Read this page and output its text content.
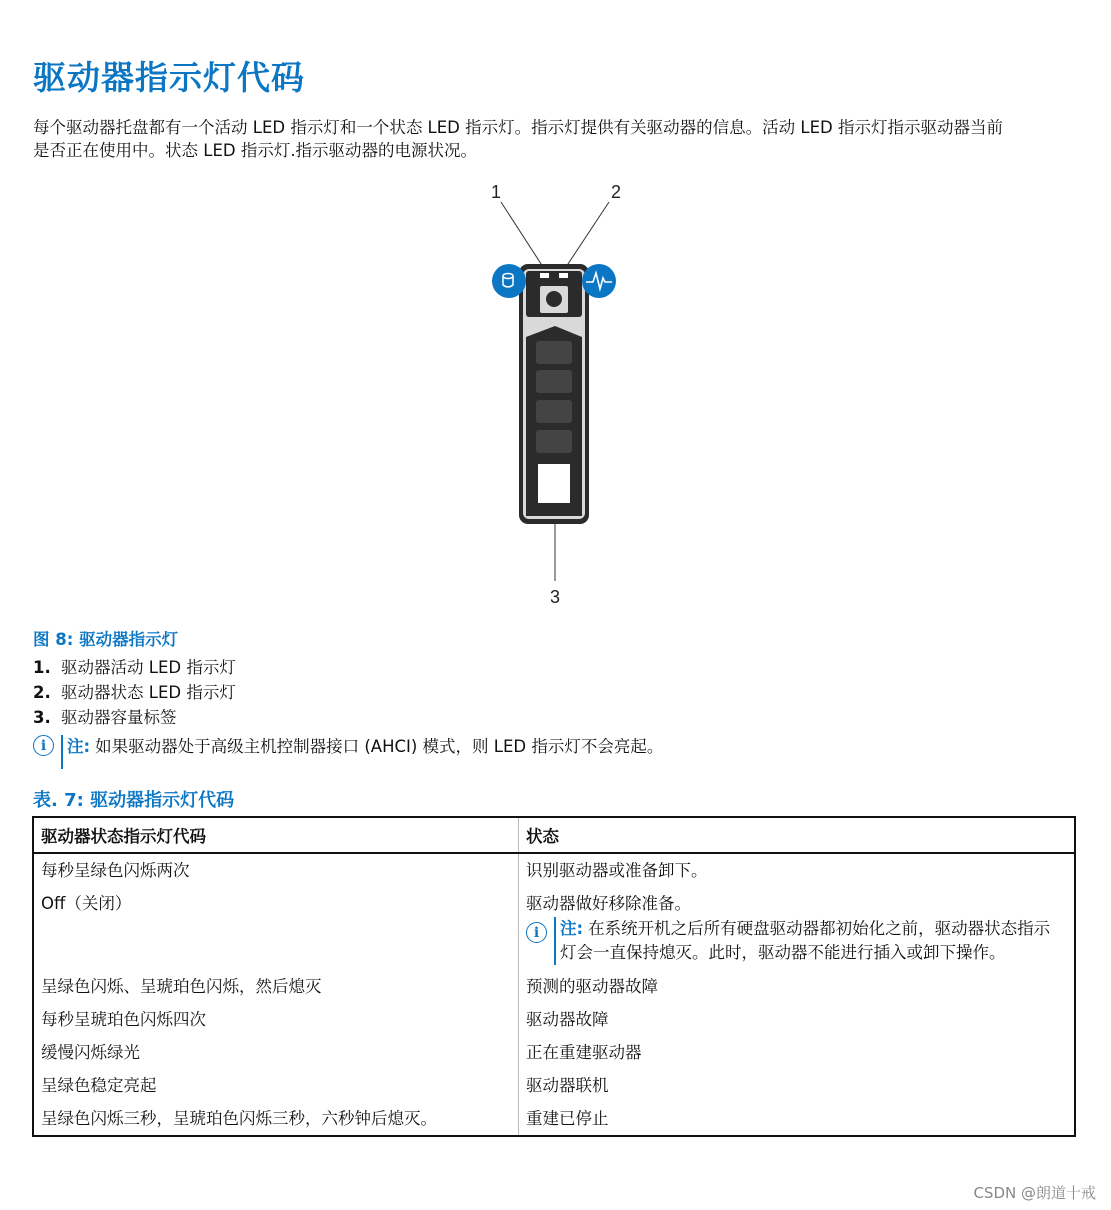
驱动器指示灯代码

每个驱动器托盘都有一个活动 LED 指示灯和一个状态 LED 指示灯。指示灯提供有关驱动器的信息。活动 LED 指示灯指示驱动器当前

是否正在使用中。状态 LED 指示灯.指示驱动器的电源状况。

1	2
3
图 8: 驱动器指示灯
1. 驱动器活动 LED 指示灯
2. 驱动器状态 LED 指示灯
3. 驱动器容量标签
i	注: 如果驱动器处于高级主机控制器接口 (AHCI) 模式，则 LED 指示灯不会亮起。
表. 7: 驱动器指示灯代码
驱动器状态指示灯代码	状态
每秒呈绿色闪烁两次	识别驱动器或准备卸下。
Off（关闭）	驱动器做好移除准备。
i 注: 在系统开机之后所有硬盘驱动器都初始化之前，驱动器状态指示灯会一直保持熄灭。此时，驱动器不能进行插入或卸下操作。

呈绿色闪烁、呈琥珀色闪烁，然后熄灭	预测的驱动器故障
每秒呈琥珀色闪烁四次	驱动器故障
缓慢闪烁绿光	正在重建驱动器
呈绿色稳定亮起	驱动器联机
呈绿色闪烁三秒，呈琥珀色闪烁三秒，六秒钟后熄灭。	重建已停止
CSDN @朗道十戒
